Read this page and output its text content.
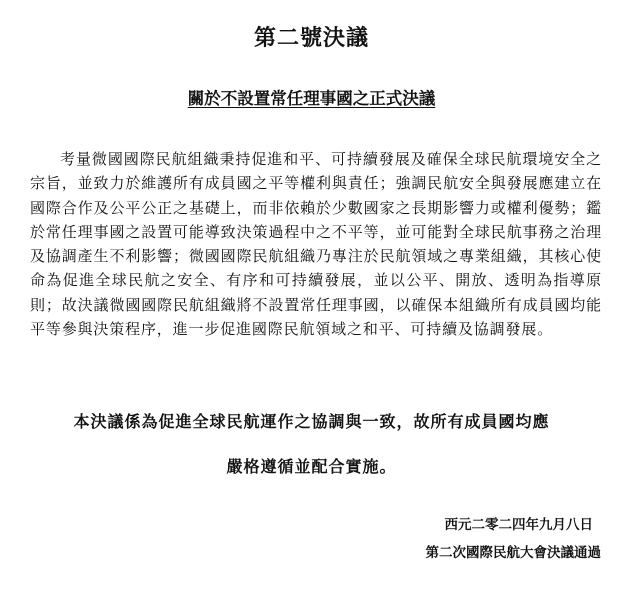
第二號決議
關於不設置常任理事國之正式決議

考量微國國際民航組織秉持促進和平、可持續發展及確保全球民航環境安全之宗旨，並致力於維護所有成員國之平等權利與責任；強調民航安全與發展應建立在國際合作及公平公正之基礎上，而非依賴於少數國家之長期影響力或權利優勢；鑑於常任理事國之設置可能導致決策過程中之不平等，並可能對全球民航事務之治理及協調產生不利影響；微國國際民航組織乃專注於民航領域之專業組織，其核心使命為促進全球民航之安全、有序和可持續發展，並以公平、開放、透明為指導原則；故決議微國國際民航組織將不設置常任理事國，以確保本組織所有成員國均能平等參與決策程序，進一步促進國際民航領域之和平、可持續及協調發展。

本決議係為促進全球民航運作之協調與一致，故所有成員國均應
嚴格遵循並配合實施。
西元二零二四年九月八日
第二次國際民航大會決議通過
